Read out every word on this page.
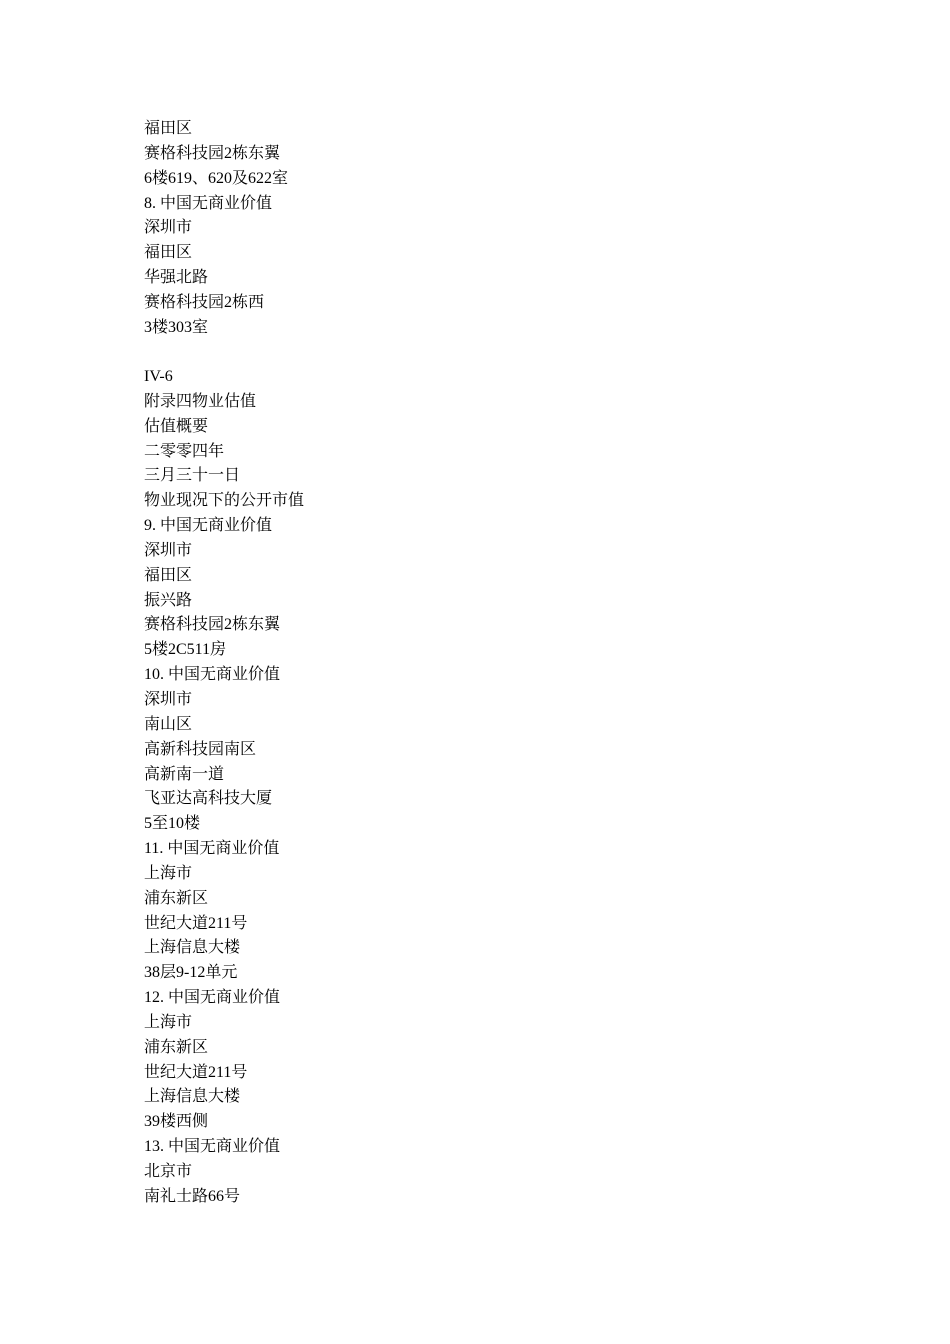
福田区
赛格科技园2栋东翼
6楼619、620及622室
8. 中国无商业价值
深圳市
福田区
华强北路
赛格科技园2栋西
3楼303室
IV-6
附录四物业估值
估值概要
二零零四年
三月三十一日
物业现况下的公开市值
9. 中国无商业价值
深圳市
福田区
振兴路
赛格科技园2栋东翼
5楼2C511房
10. 中国无商业价值
深圳市
南山区
高新科技园南区
高新南一道
飞亚达高科技大厦
5至10楼
11. 中国无商业价值
上海市
浦东新区
世纪大道211号
上海信息大楼
38层9-12单元
12. 中国无商业价值
上海市
浦东新区
世纪大道211号
上海信息大楼
39楼西侧
13. 中国无商业价值
北京市
南礼士路66号
